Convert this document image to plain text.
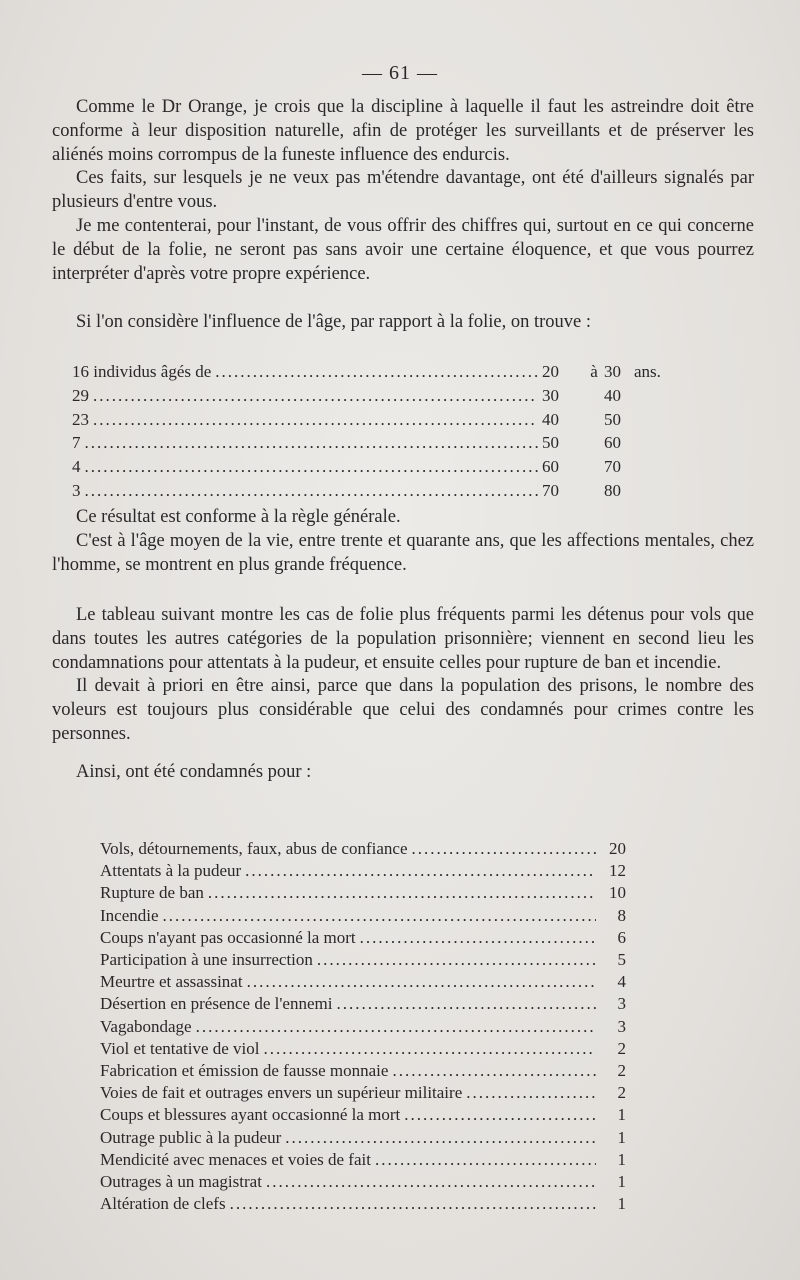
— 61 —

Comme le Dr Orange, je crois que la discipline à laquelle il faut les astreindre doit être conforme à leur disposition naturelle, afin de protéger les surveillants et de préserver les aliénés moins corrompus de la funeste influence des endurcis.

Ces faits, sur lesquels je ne veux pas m'étendre davantage, ont été d'ailleurs signalés par plusieurs d'entre vous.

Je me contenterai, pour l'instant, de vous offrir des chiffres qui, surtout en ce qui concerne le début de la folie, ne seront pas sans avoir une certaine éloquence, et que vous pourrez interpréter d'après votre propre expérience.

Si l'on considère l'influence de l'âge, par rapport à la folie, on trouve :

16 individus âgés de .....	20	à 30 ans.
29 .....	30	40
23 .....	40	50
7 .....	50	60
4 .....	60	70
3 .....	70	80

Ce résultat est conforme à la règle générale.

C'est à l'âge moyen de la vie, entre trente et quarante ans, que les affections mentales, chez l'homme, se montrent en plus grande fréquence.

Le tableau suivant montre les cas de folie plus fréquents parmi les détenus pour vols que dans toutes les autres catégories de la population prisonnière; viennent en second lieu les condamnations pour attentats à la pudeur, et ensuite celles pour rupture de ban et incendie.

Il devait à priori en être ainsi, parce que dans la population des prisons, le nombre des voleurs est toujours plus considérable que celui des condamnés pour crimes contre les personnes.

Ainsi, ont été condamnés pour :

Vols, détournements, faux, abus de confiance .....	20
Attentats à la pudeur .....	12
Rupture de ban .....	10
Incendie .....	8
Coups n'ayant pas occasionné la mort .....	6
Participation à une insurrection .....	5
Meurtre et assassinat .....	4
Désertion en présence de l'ennemi .....	3
Vagabondage .....	3
Viol et tentative de viol .....	2
Fabrication et émission de fausse monnaie .....	2
Voies de fait et outrages envers un supérieur militaire .....	2
Coups et blessures ayant occasionné la mort .....	1
Outrage public à la pudeur .....	1
Mendicité avec menaces et voies de fait .....	1
Outrages à un magistrat .....	1
Altération de clefs .....	1
